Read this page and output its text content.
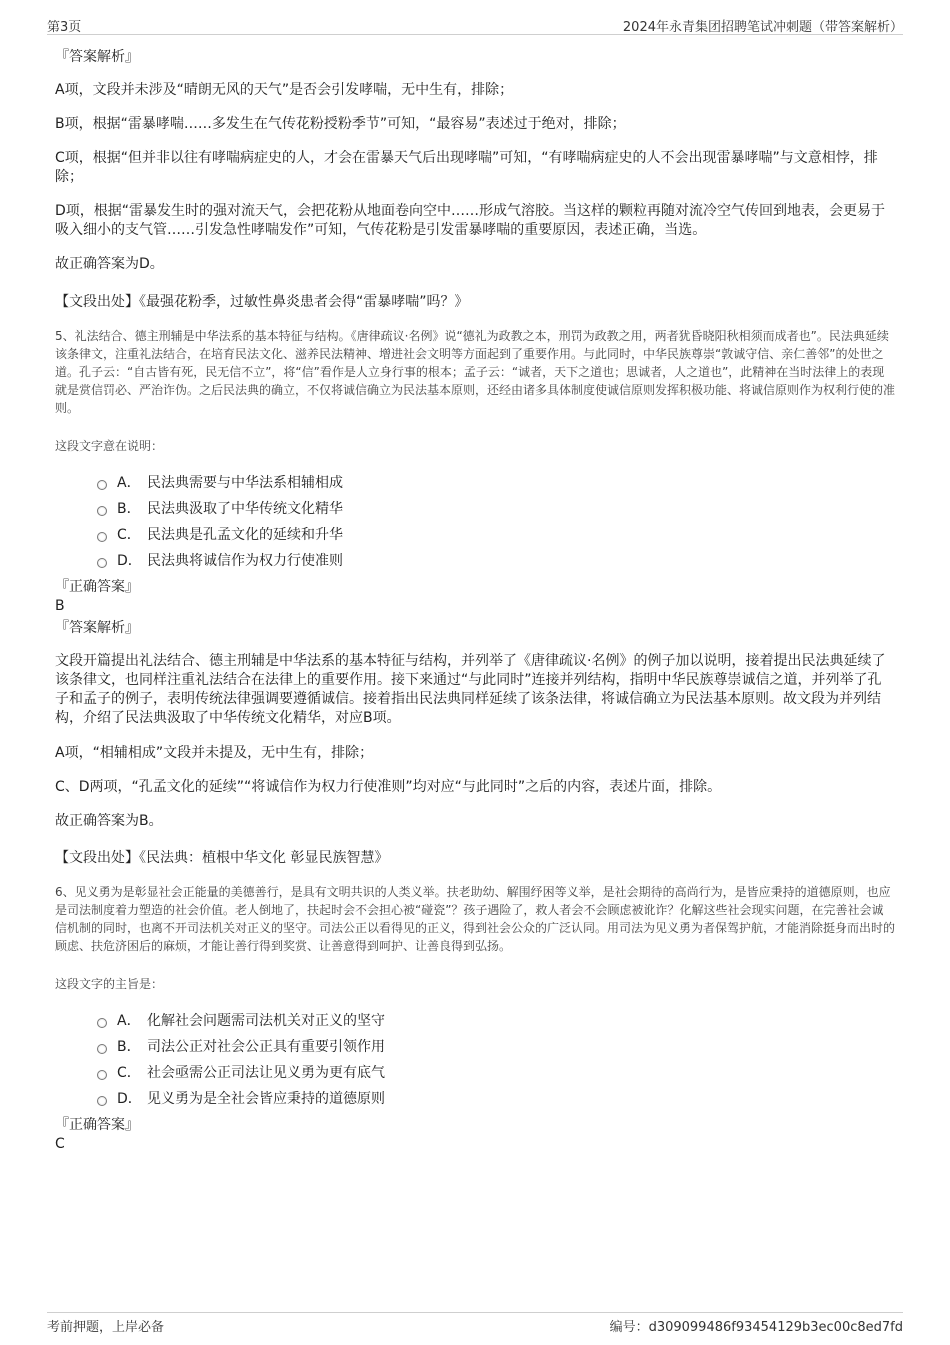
第3页	2024年永青集团招聘笔试冲刺题（带答案解析）

『答案解析』

A项，文段并未涉及“晴朗无风的天气”是否会引发哮喘，无中生有，排除；

B项，根据“雷暴哮喘……多发生在气传花粉授粉季节”可知，“最容易”表述过于绝对，排除；

C项，根据“但并非以往有哮喘病症史的人，才会在雷暴天气后出现哮喘”可知，“有哮喘病症史的人不会出现雷暴哮喘”与文意相悖，排除；

D项，根据“雷暴发生时的强对流天气，会把花粉从地面卷向空中……形成气溶胶。当这样的颗粒再随对流冷空气传回到地表，会更易于吸入细小的支气管……引发急性哮喘发作”可知，气传花粉是引发雷暴哮喘的重要原因，表述正确，当选。

故正确答案为D。

【文段出处】《最强花粉季，过敏性鼻炎患者会得“雷暴哮喘”吗？》

5、礼法结合、德主刑辅是中华法系的基本特征与结构。《唐律疏议·名例》说“德礼为政教之本，刑罚为政教之用，两者犹昏晓阳秋相须而成者也”。民法典延续该条律文，注重礼法结合，在培育民法文化、滋养民法精神、增进社会文明等方面起到了重要作用。与此同时，中华民族尊崇“敦诚守信、亲仁善邻”的处世之道。孔子云：“自古皆有死，民无信不立”，将“信”看作是人立身行事的根本；孟子云：“诚者，天下之道也；思诚者，人之道也”，此精神在当时法律上的表现就是赏信罚必、严治诈伪。之后民法典的确立，不仅将诚信确立为民法基本原则，还经由诸多具体制度使诚信原则发挥积极功能、将诚信原则作为权利行使的准则。

这段文字意在说明：

A． 民法典需要与中华法系相辅相成
B． 民法典汲取了中华传统文化精华
C． 民法典是孔孟文化的延续和升华
D． 民法典将诚信作为权力行使准则

『正确答案』

B

『答案解析』

文段开篇提出礼法结合、德主刑辅是中华法系的基本特征与结构，并列举了《唐律疏议·名例》的例子加以说明，接着提出民法典延续了该条律文，也同样注重礼法结合在法律上的重要作用。接下来通过“与此同时”连接并列结构，指明中华民族尊崇诚信之道，并列举了孔子和孟子的例子，表明传统法律强调要遵循诚信。接着指出民法典同样延续了该条法律，将诚信确立为民法基本原则。故文段为并列结构，介绍了民法典汲取了中华传统文化精华，对应B项。

A项，“相辅相成”文段并未提及，无中生有，排除；

C、D两项，“孔孟文化的延续”“将诚信作为权力行使准则”均对应“与此同时”之后的内容，表述片面，排除。

故正确答案为B。

【文段出处】《民法典：植根中华文化 彰显民族智慧》

6、见义勇为是彰显社会正能量的美德善行，是具有文明共识的人类义举。扶老助幼、解围纾困等义举，是社会期待的高尚行为，是皆应秉持的道德原则，也应是司法制度着力塑造的社会价值。老人倒地了，扶起时会不会担心被“碰瓷”？孩子遇险了，救人者会不会顾虑被讹诈？化解这些社会现实问题，在完善社会诚信机制的同时，也离不开司法机关对正义的坚守。司法公正以看得见的正义，得到社会公众的广泛认同。用司法为见义勇为者保驾护航，才能消除挺身而出时的顾虑、扶危济困后的麻烦，才能让善行得到奖赏、让善意得到呵护、让善良得到弘扬。

这段文字的主旨是：

A． 化解社会问题需司法机关对正义的坚守
B． 司法公正对社会公正具有重要引领作用
C． 社会亟需公正司法让见义勇为更有底气
D． 见义勇为是全社会皆应秉持的道德原则

『正确答案』

C

考前押题，上岸必备	编号：d309099486f93454129b3ec00c8ed7fd
